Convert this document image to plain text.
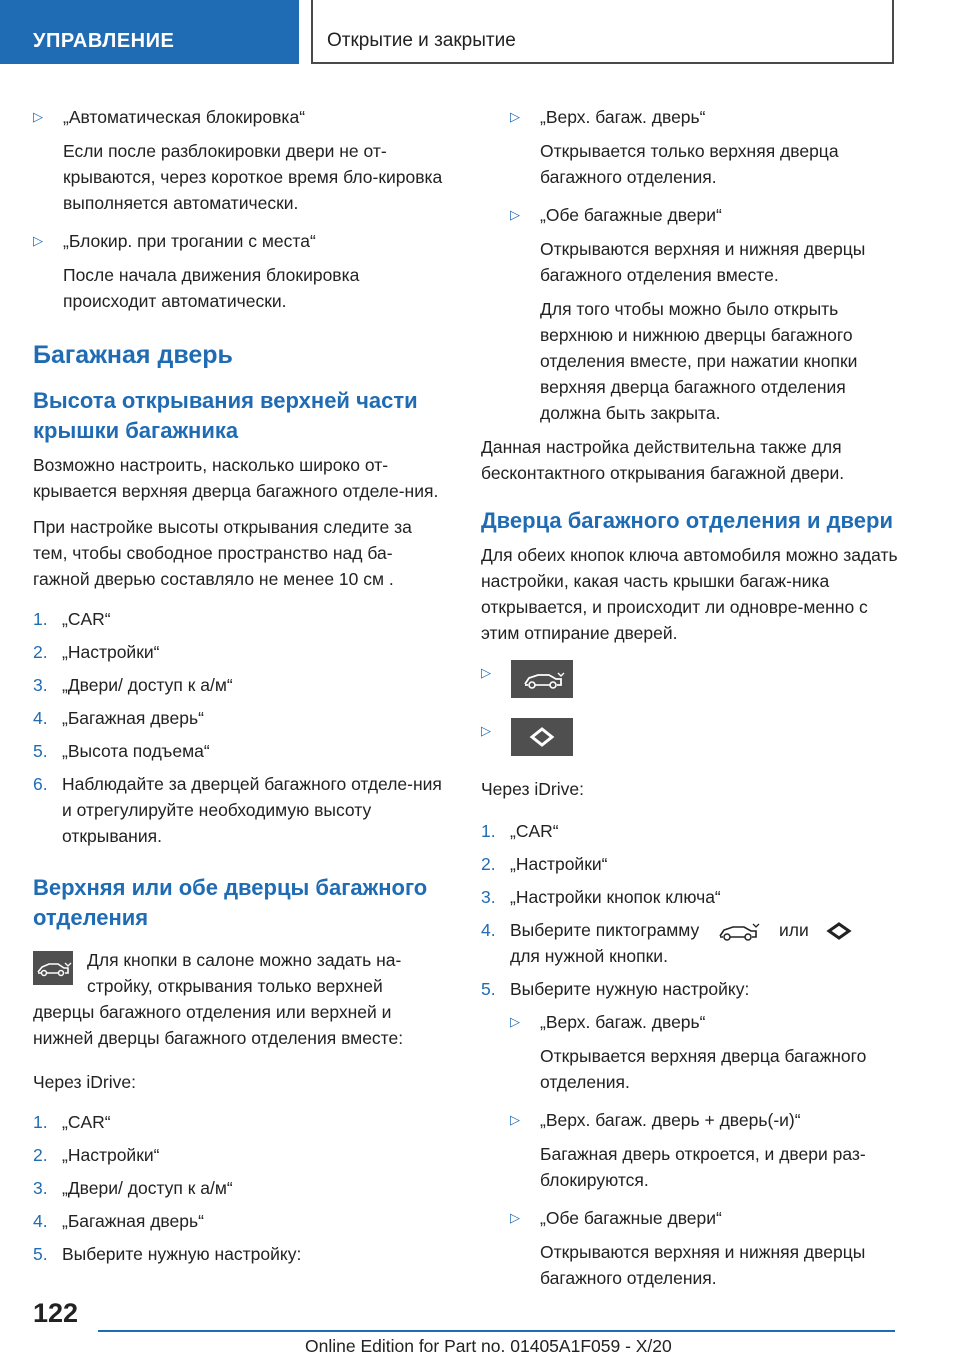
УПРАВЛЕНИЕ	Открытие и закрытие
▷ „Автоматическая блокировка“
Если после разблокировки двери не от-крываются, через короткое время бло-кировка выполняется автоматически.
▷ „Блокир. при трогании с места“
После начала движения блокировка происходит автоматически.
Багажная дверь
Высота открывания верхней части крышки багажника

Возможно настроить, насколько широко от-крывается верхняя дверца багажного отделе-ния.

При настройке высоты открывания следите за тем, чтобы свободное пространство над ба-гажной дверью составляло не менее 10 см .

1. „CAR“
2. „Настройки“
3. „Двери/ доступ к а/м“
4. „Багажная дверь“
5. „Высота подъема“
6. Наблюдайте за дверцей багажного отделе-ния и отрегулируйте необходимую высоту открывания.
Верхняя или обе дверцы багажного отделения
Для кнопки в салоне можно задать на-стройку, открывания только верхней
дверцы багажного отделения или верхней и нижней дверцы багажного отделения вместе:

Через iDrive:

1. „CAR“
2. „Настройки“
3. „Двери/ доступ к а/м“
4. „Багажная дверь“
5. Выберите нужную настройку:
▷ „Верх. багаж. дверь“
Открывается только верхняя дверца багажного отделения.
▷ „Обе багажные двери“
Открываются верхняя и нижняя дверцы багажного отделения вместе.
Для того чтобы можно было открыть верхнюю и нижнюю дверцы багажного отделения вместе, при нажатии кнопки верхняя дверца багажного отделения должна быть закрыта.

Данная настройка действительна также для бесконтактного открывания багажной двери.

Дверца багажного отделения и двери

Для обеих кнопок ключа автомобиля можно задать настройки, какая часть крышки багаж-ника открывается, и происходит ли одновре-менно с этим отпирание дверей.

▷
▷

Через iDrive:

1. „CAR“
2. „Настройки“
3. „Настройки кнопок ключа“
4. Выберите пиктограмму	или
для нужной кнопки.
5. Выберите нужную настройку:
▷ „Верх. багаж. дверь“
Открывается верхняя дверца багажного отделения.
▷ „Верх. багаж. дверь + дверь(-и)“
Багажная дверь откроется, и двери раз-блокируются.
▷ „Обе багажные двери“
Открываются верхняя и нижняя дверцы багажного отделения.
122
Online Edition for Part no. 01405A1F059 - X/20
